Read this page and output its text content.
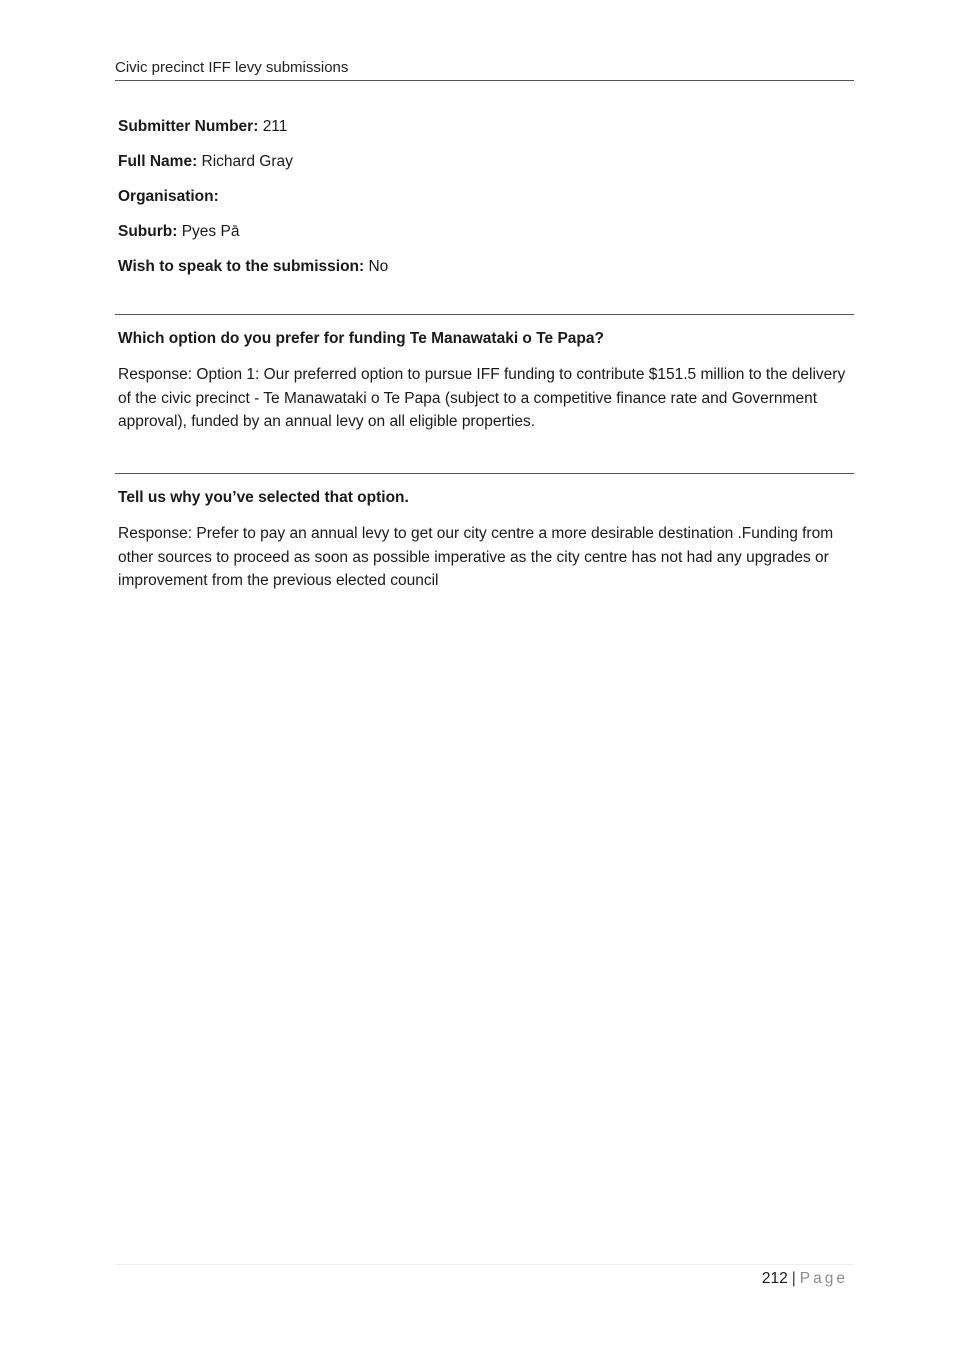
Civic precinct IFF levy submissions
Submitter Number: 211
Full Name: Richard Gray
Organisation:
Suburb: Pyes Pā
Wish to speak to the submission: No
Which option do you prefer for funding Te Manawataki o Te Papa?
Response: Option 1: Our preferred option to pursue IFF funding to contribute $151.5 million to the delivery of the civic precinct - Te Manawataki o Te Papa (subject to a competitive finance rate and Government approval), funded by an annual levy on all eligible properties.
Tell us why you’ve selected that option.
Response: Prefer to pay an annual levy to get our city centre a more desirable destination .Funding from other sources to proceed as soon as possible imperative as the city centre has not had any upgrades or improvement from the previous elected council
212 | Page
